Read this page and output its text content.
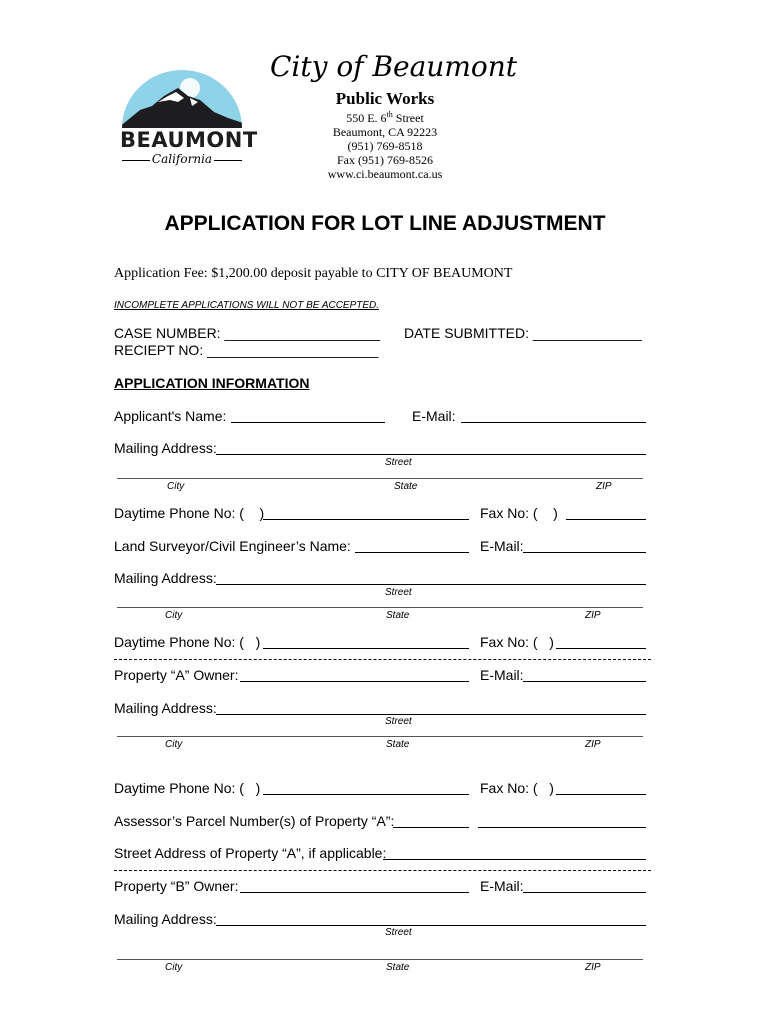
BEAUMONT
California
City of Beaumont
Public Works
550 E. 6th Street
Beaumont, CA 92223
(951) 769-8518
Fax (951) 769-8526
www.ci.beaumont.ca.us
APPLICATION FOR LOT LINE ADJUSTMENT
Application Fee: $1,200.00 deposit payable to CITY OF BEAUMONT
INCOMPLETE APPLICATIONS WILL NOT BE ACCEPTED.
CASE NUMBER: ____________________ DATE SUBMITTED: ______________
RECIEPT NO: ______________________
APPLICATION INFORMATION
Applicant's Name:	E-Mail:
Mailing Address:
Street
City	State	ZIP
Daytime Phone No: (    )	Fax No: (    )
Land Surveyor/Civil Engineer’s Name:	E-Mail:
Mailing Address:
Street
City	State	ZIP
Daytime Phone No: (   )	Fax No: (   )
Property “A” Owner:	E-Mail:
Mailing Address:
Street
City	State	ZIP
Daytime Phone No: (   )	Fax No: (   )
Assessor’s Parcel Number(s) of Property “A”:
Street Address of Property “A”, if applicable:
Property “B” Owner:	E-Mail:
Mailing Address:
Street
City	State	ZIP
